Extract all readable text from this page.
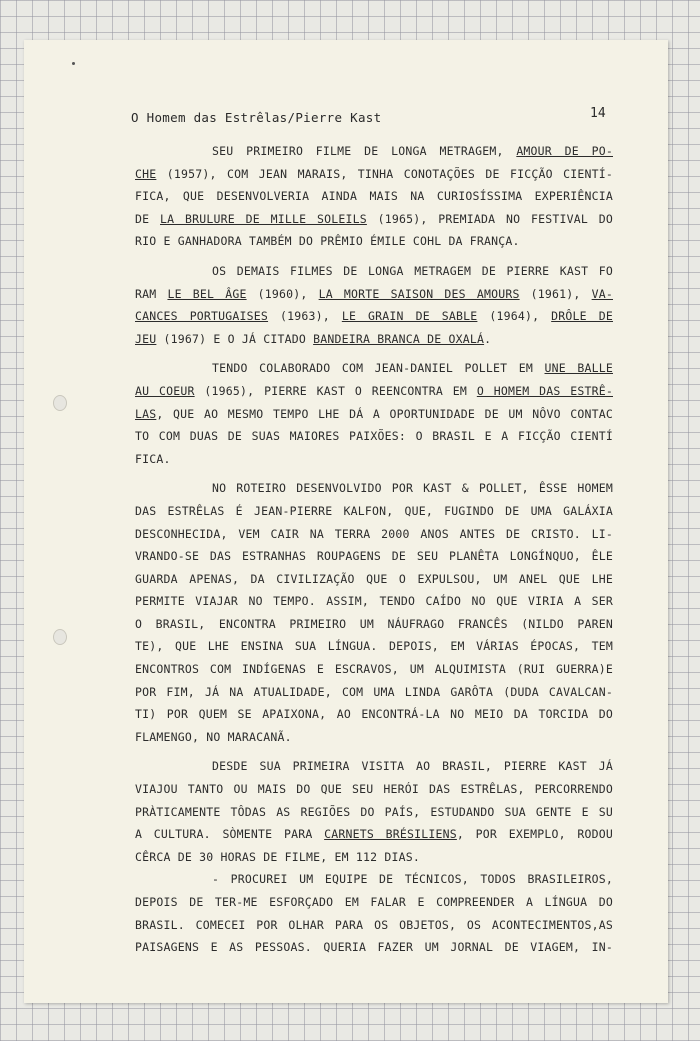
O Homem das Estrêlas/Pierre Kast	14
SEU PRIMEIRO FILME DE LONGA METRAGEM, AMOUR DE PO-
CHE (1957), COM JEAN MARAIS, TINHA CONOTAÇÕES DE FICÇÃO CIENTÍ-
FICA, QUE DESENVOLVERIA AINDA MAIS NA CURIOSÍSSIMA EXPERIÊNCIA
DE LA BRULURE DE MILLE SOLEILS (1965), PREMIADA NO FESTIVAL DO
RIO E GANHADORA TAMBÉM DO PRÊMIO ÉMILE COHL DA FRANÇA.
OS DEMAIS FILMES DE LONGA METRAGEM DE PIERRE KAST FO
RAM LE BEL ÂGE (1960), LA MORTE SAISON DES AMOURS (1961), VA-
CANCES PORTUGAISES (1963), LE GRAIN DE SABLE (1964), DRÔLE DE
JEU (1967) E O JÁ CITADO BANDEIRA BRANCA DE OXALÁ.
TENDO COLABORADO COM JEAN-DANIEL POLLET EM UNE BALLE
AU COEUR (1965), PIERRE KAST O REENCONTRA EM O HOMEM DAS ESTRÊ-
LAS, QUE AO MESMO TEMPO LHE DÁ A OPORTUNIDADE DE UM NÔVO CONTAC
TO COM DUAS DE SUAS MAIORES PAIXÕES: O BRASIL E A FICÇÃO CIENTÍ
FICA.
NO ROTEIRO DESENVOLVIDO POR KAST & POLLET, ÊSSE HOMEM
DAS ESTRÊLAS É JEAN-PIERRE KALFON, QUE, FUGINDO DE UMA GALÁXIA
DESCONHECIDA, VEM CAIR NA TERRA 2000 ANOS ANTES DE CRISTO. LI-
VRANDO-SE DAS ESTRANHAS ROUPAGENS DE SEU PLANÊTA LONGÍNQUO, ÊLE
GUARDA APENAS, DA CIVILIZAÇÃO QUE O EXPULSOU, UM ANEL QUE LHE
PERMITE VIAJAR NO TEMPO. ASSIM, TENDO CAÍDO NO QUE VIRIA A SER
O BRASIL, ENCONTRA PRIMEIRO UM NÁUFRAGO FRANCÊS (NILDO PAREN
TE), QUE LHE ENSINA SUA LÍNGUA. DEPOIS, EM VÁRIAS ÉPOCAS, TEM
ENCONTROS COM INDÍGENAS E ESCRAVOS, UM ALQUIMISTA (RUI GUERRA)E
POR FIM, JÁ NA ATUALIDADE, COM UMA LINDA GARÔTA (DUDA CAVALCAN-
TI) POR QUEM SE APAIXONA, AO ENCONTRÁ-LA NO MEIO DA TORCIDA DO
FLAMENGO, NO MARACANÃ.
DESDE SUA PRIMEIRA VISITA AO BRASIL, PIERRE KAST JÁ
VIAJOU TANTO OU MAIS DO QUE SEU HERÓI DAS ESTRÊLAS, PERCORRENDO
PRÀTICAMENTE TÔDAS AS REGIÕES DO PAÍS, ESTUDANDO SUA GENTE E SU
A CULTURA. SÒMENTE PARA CARNETS BRÉSILIENS, POR EXEMPLO, RODOU
CÊRCA DE 30 HORAS DE FILME, EM 112 DIAS.
- PROCUREI UM EQUIPE DE TÉCNICOS, TODOS BRASILEIROS,
DEPOIS DE TER-ME ESFORÇADO EM FALAR E COMPREENDER A LÍNGUA DO
BRASIL. COMECEI POR OLHAR PARA OS OBJETOS, OS ACONTECIMENTOS,AS
PAISAGENS E AS PESSOAS. QUERIA FAZER UM JORNAL DE VIAGEM, IN-
